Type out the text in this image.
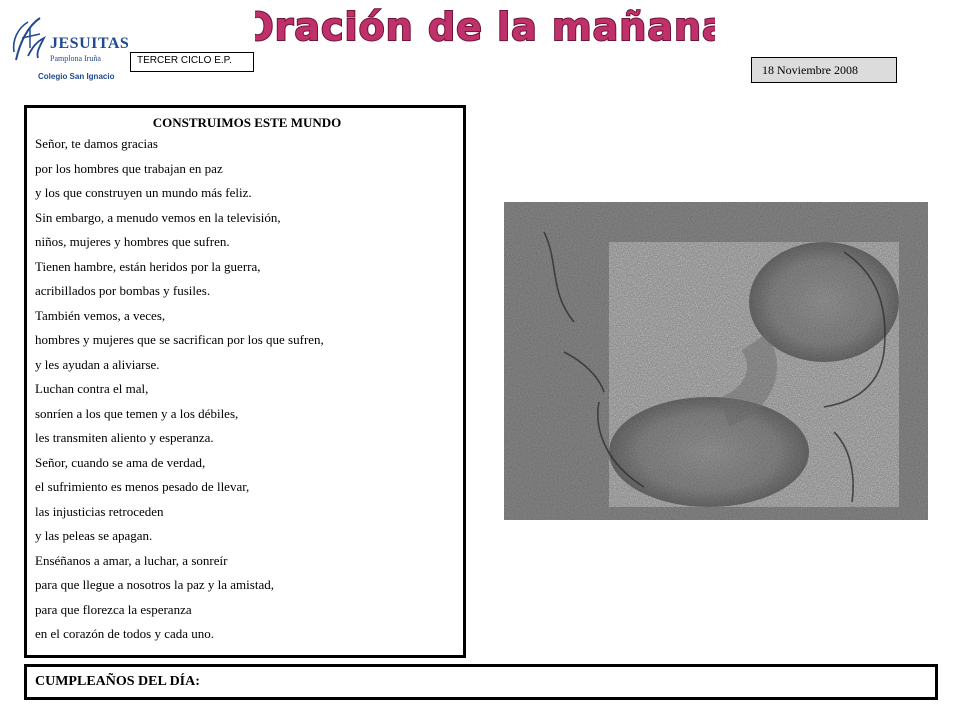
JESUITAS
Pamplona Iruña
Colegio San Ignacio
TERCER CICLO E.P.
Oración de la mañana
18 Noviembre 2008
CONSTRUIMOS ESTE MUNDO
Señor, te damos gracias
por los hombres que trabajan en paz
y los que construyen un mundo más feliz.
Sin embargo, a menudo vemos en la televisión,
niños, mujeres y hombres que sufren.
Tienen hambre, están heridos por la guerra,
acribillados por bombas y fusiles.
También vemos, a veces,
hombres y mujeres que se sacrifican por los que sufren,
y les ayudan a aliviarse.
Luchan contra el mal,
sonríen a los que temen y a los débiles,
les transmiten aliento y esperanza.
Señor, cuando se ama de verdad,
el sufrimiento es menos pesado de llevar,
las injusticias retroceden
y las peleas se apagan.
Enséñanos a amar, a luchar, a sonreír
para que llegue a nosotros la paz y la amistad,
para que florezca la esperanza
en el corazón de todos y cada uno.
CUMPLEAÑOS DEL DÍA:
